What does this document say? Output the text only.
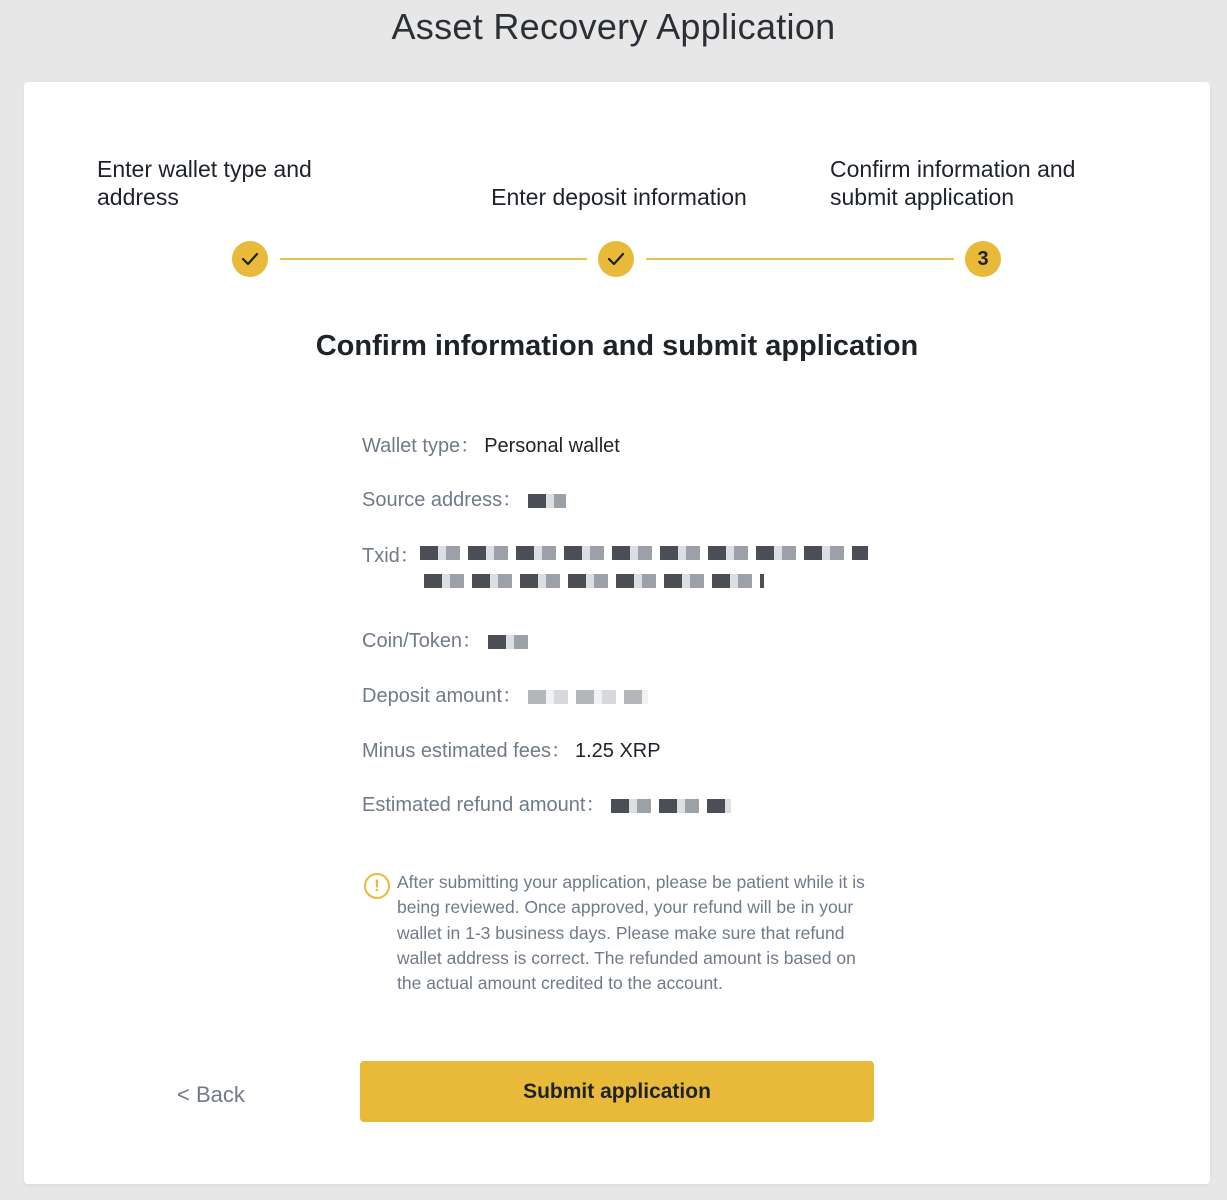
Asset Recovery Application
Enter wallet type and address	Enter deposit information
Confirm information and submit application
3
Confirm information and submit application
Wallet type： Personal wallet
Source address：
Txid：
Coin/Token：
Deposit amount：
Minus estimated fees： 1.25 XRP
Estimated refund amount：
! After submitting your application, please be patient while it is being reviewed. Once approved, your refund will be in your wallet in 1-3 business days. Please make sure that refund wallet address is correct. The refunded amount is based on the actual amount credited to the account.
< Back	Submit application
